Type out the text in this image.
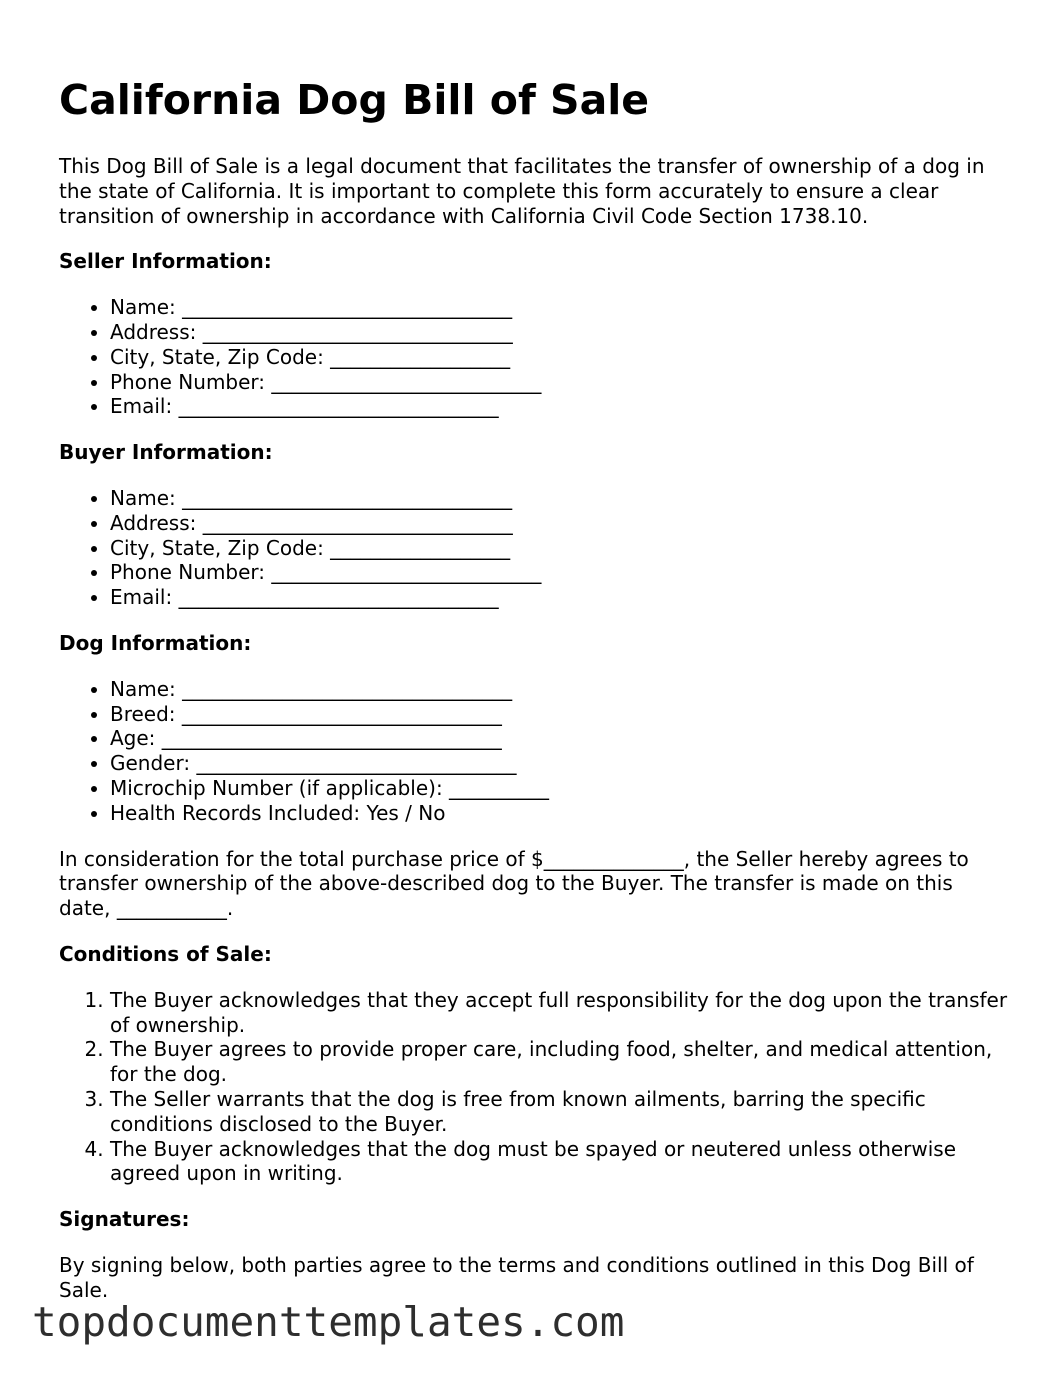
California Dog Bill of Sale

This Dog Bill of Sale is a legal document that facilitates the transfer of ownership of a dog in the state of California. It is important to complete this form accurately to ensure a clear transition of ownership in accordance with California Civil Code Section 1738.10.

Seller Information:
• Name: _________________________________
• Address: _______________________________
• City, State, Zip Code: __________________
• Phone Number: ___________________________
• Email: ________________________________
Buyer Information:
• Name: _________________________________
• Address: _______________________________
• City, State, Zip Code: __________________
• Phone Number: ___________________________
• Email: ________________________________
Dog Information:
• Name: _________________________________
• Breed: ________________________________
• Age: __________________________________
• Gender: ________________________________
• Microchip Number (if applicable): __________
• Health Records Included: Yes / No

In consideration for the total purchase price of $______________, the Seller hereby agrees to transfer ownership of the above-described dog to the Buyer. The transfer is made on this date, ___________.

Conditions of Sale:
1. The Buyer acknowledges that they accept full responsibility for the dog upon the transfer of ownership.
2. The Buyer agrees to provide proper care, including food, shelter, and medical attention, for the dog.
3. The Seller warrants that the dog is free from known ailments, barring the specific conditions disclosed to the Buyer.
4. The Buyer acknowledges that the dog must be spayed or neutered unless otherwise agreed upon in writing.
Signatures:

By signing below, both parties agree to the terms and conditions outlined in this Dog Bill of Sale.

topdocumenttemplates.com
